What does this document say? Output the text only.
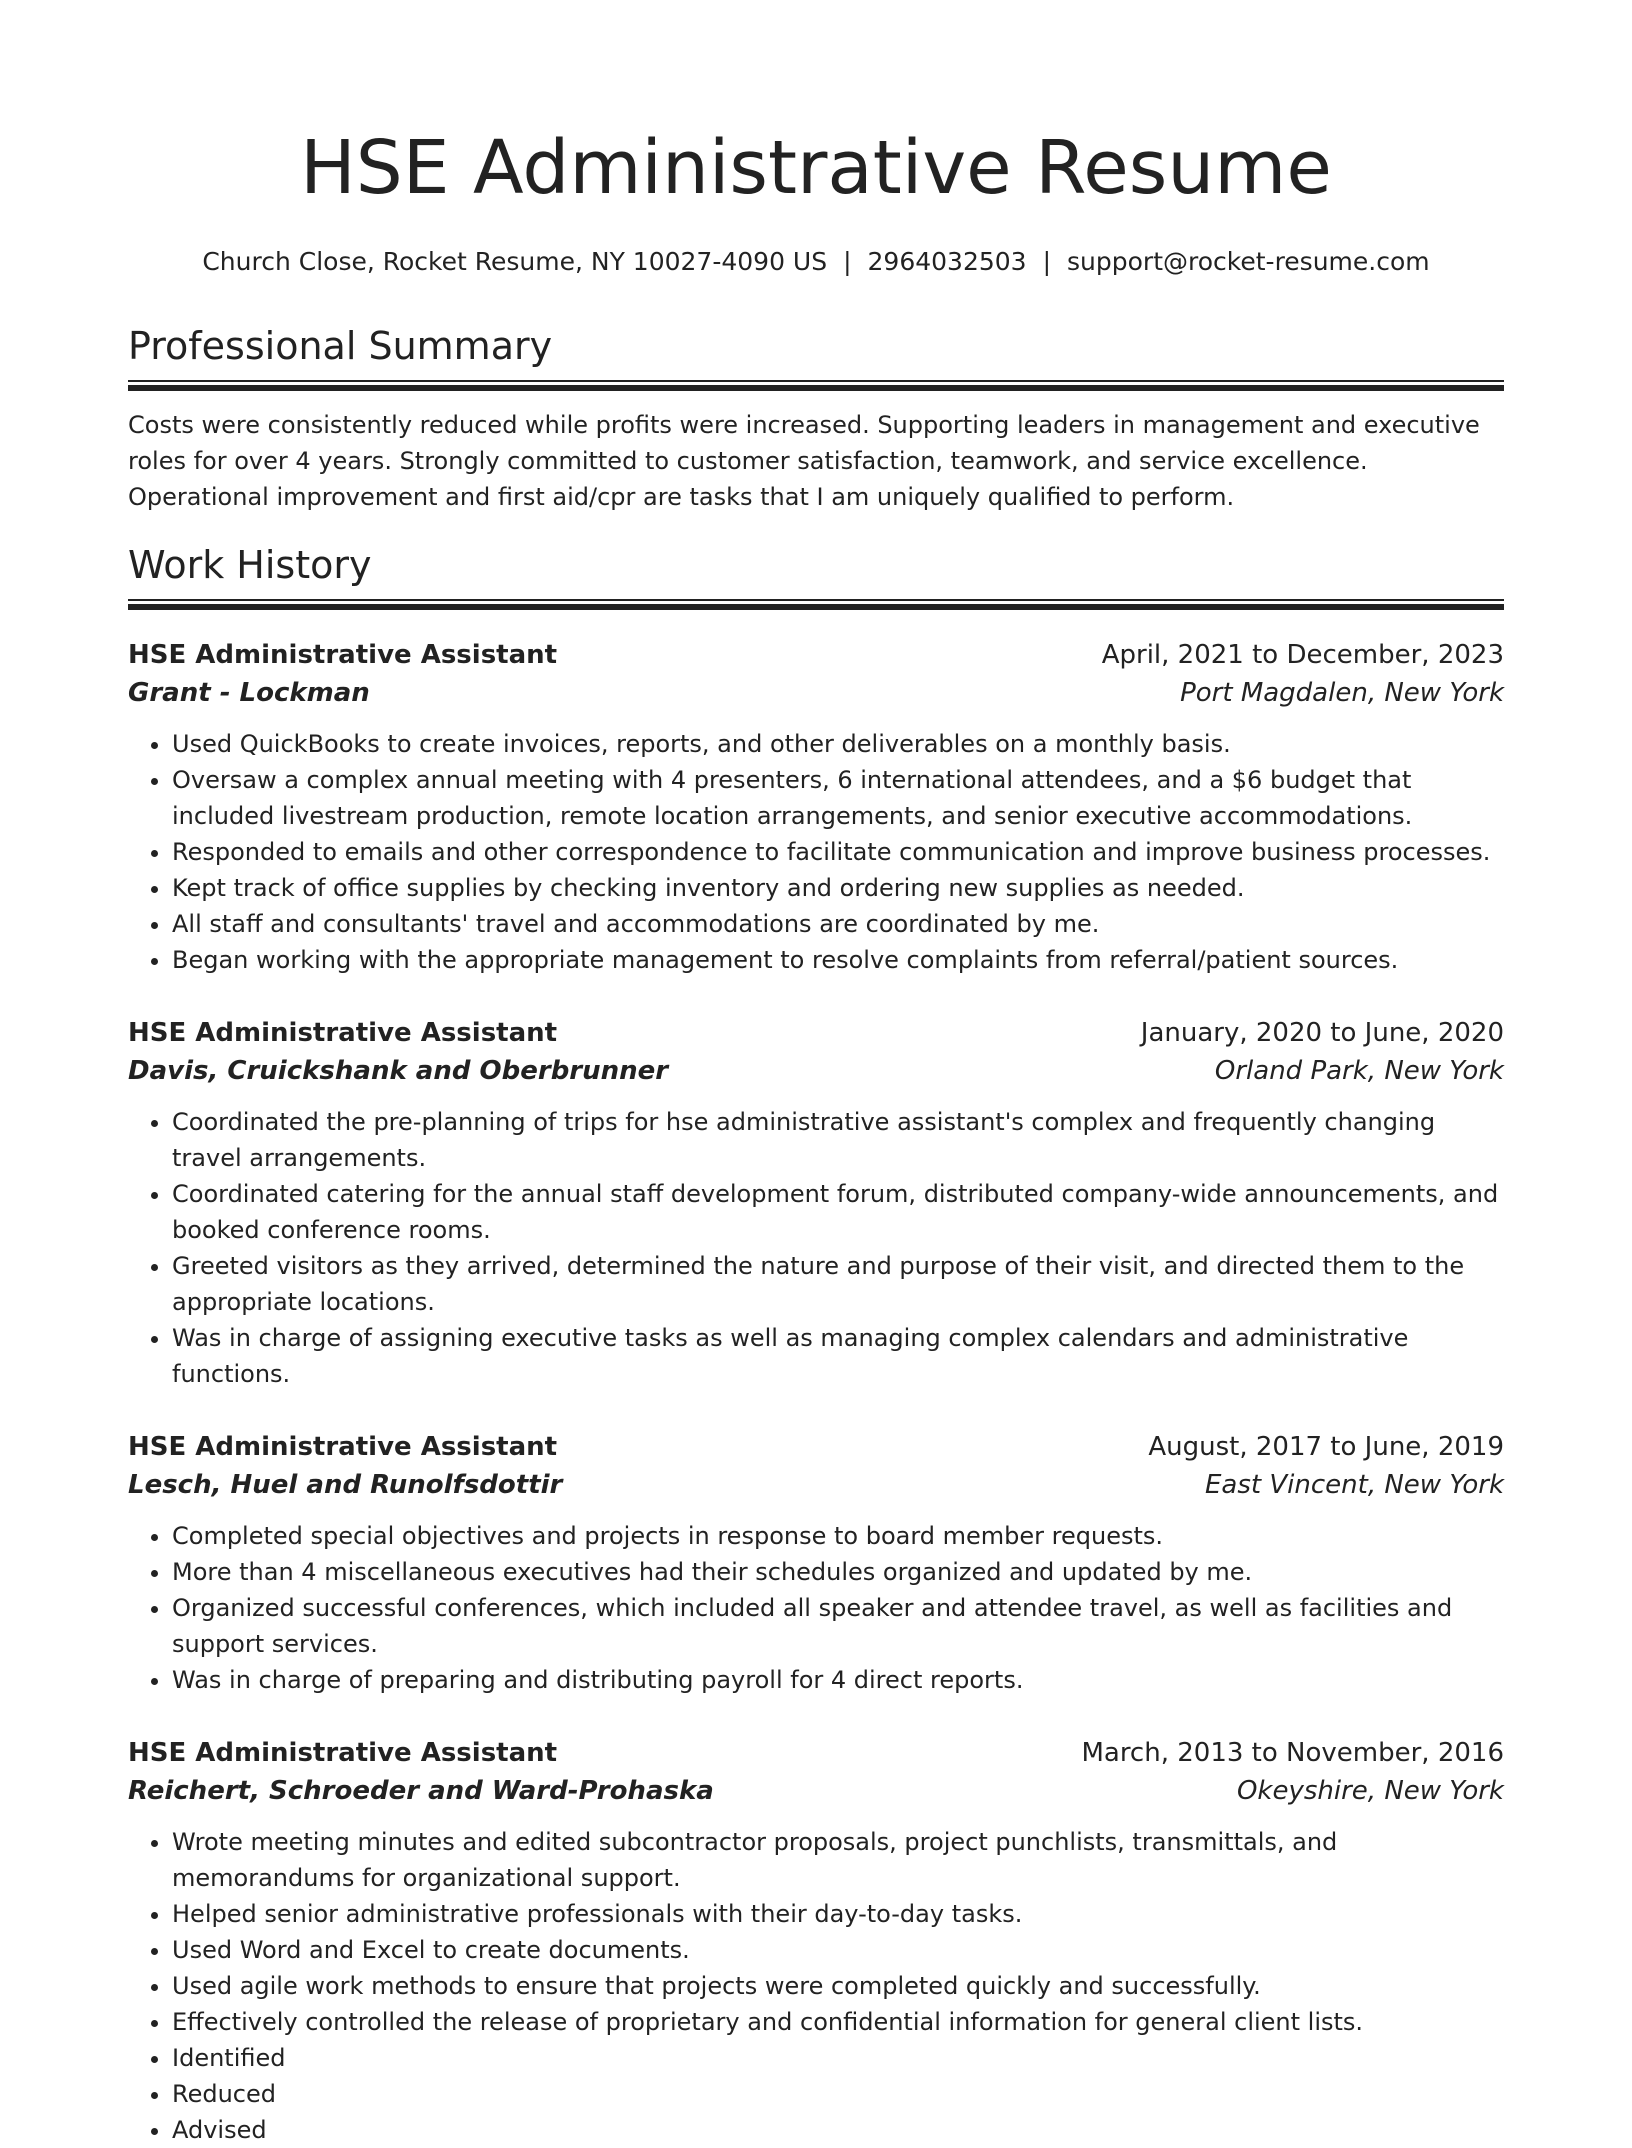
HSE Administrative Resume
Church Close, Rocket Resume, NY 10027-4090 US | 2964032503 | support@rocket-resume.com
Professional Summary
Costs were consistently reduced while profits were increased. Supporting leaders in management and executive roles for over 4 years. Strongly committed to customer satisfaction, teamwork, and service excellence. Operational improvement and first aid/cpr are tasks that I am uniquely qualified to perform.
Work History
HSE Administrative Assistant	April, 2021 to December, 2023
Grant - Lockman	Port Magdalen, New York
• Used QuickBooks to create invoices, reports, and other deliverables on a monthly basis.
• Oversaw a complex annual meeting with 4 presenters, 6 international attendees, and a $6 budget that included livestream production, remote location arrangements, and senior executive accommodations.
• Responded to emails and other correspondence to facilitate communication and improve business processes.
• Kept track of office supplies by checking inventory and ordering new supplies as needed.
• All staff and consultants' travel and accommodations are coordinated by me.
• Began working with the appropriate management to resolve complaints from referral/patient sources.
HSE Administrative Assistant	January, 2020 to June, 2020
Davis, Cruickshank and Oberbrunner	Orland Park, New York
• Coordinated the pre-planning of trips for hse administrative assistant's complex and frequently changing travel arrangements.
• Coordinated catering for the annual staff development forum, distributed company-wide announcements, and booked conference rooms.
• Greeted visitors as they arrived, determined the nature and purpose of their visit, and directed them to the appropriate locations.
• Was in charge of assigning executive tasks as well as managing complex calendars and administrative functions.
HSE Administrative Assistant	August, 2017 to June, 2019
Lesch, Huel and Runolfsdottir	East Vincent, New York
• Completed special objectives and projects in response to board member requests.
• More than 4 miscellaneous executives had their schedules organized and updated by me.
• Organized successful conferences, which included all speaker and attendee travel, as well as facilities and support services.
• Was in charge of preparing and distributing payroll for 4 direct reports.
HSE Administrative Assistant	March, 2013 to November, 2016
Reichert, Schroeder and Ward-Prohaska	Okeyshire, New York
• Wrote meeting minutes and edited subcontractor proposals, project punchlists, transmittals, and memorandums for organizational support.
• Helped senior administrative professionals with their day-to-day tasks.
• Used Word and Excel to create documents.
• Used agile work methods to ensure that projects were completed quickly and successfully.
• Effectively controlled the release of proprietary and confidential information for general client lists.
• Identified
• Reduced
• Advised
